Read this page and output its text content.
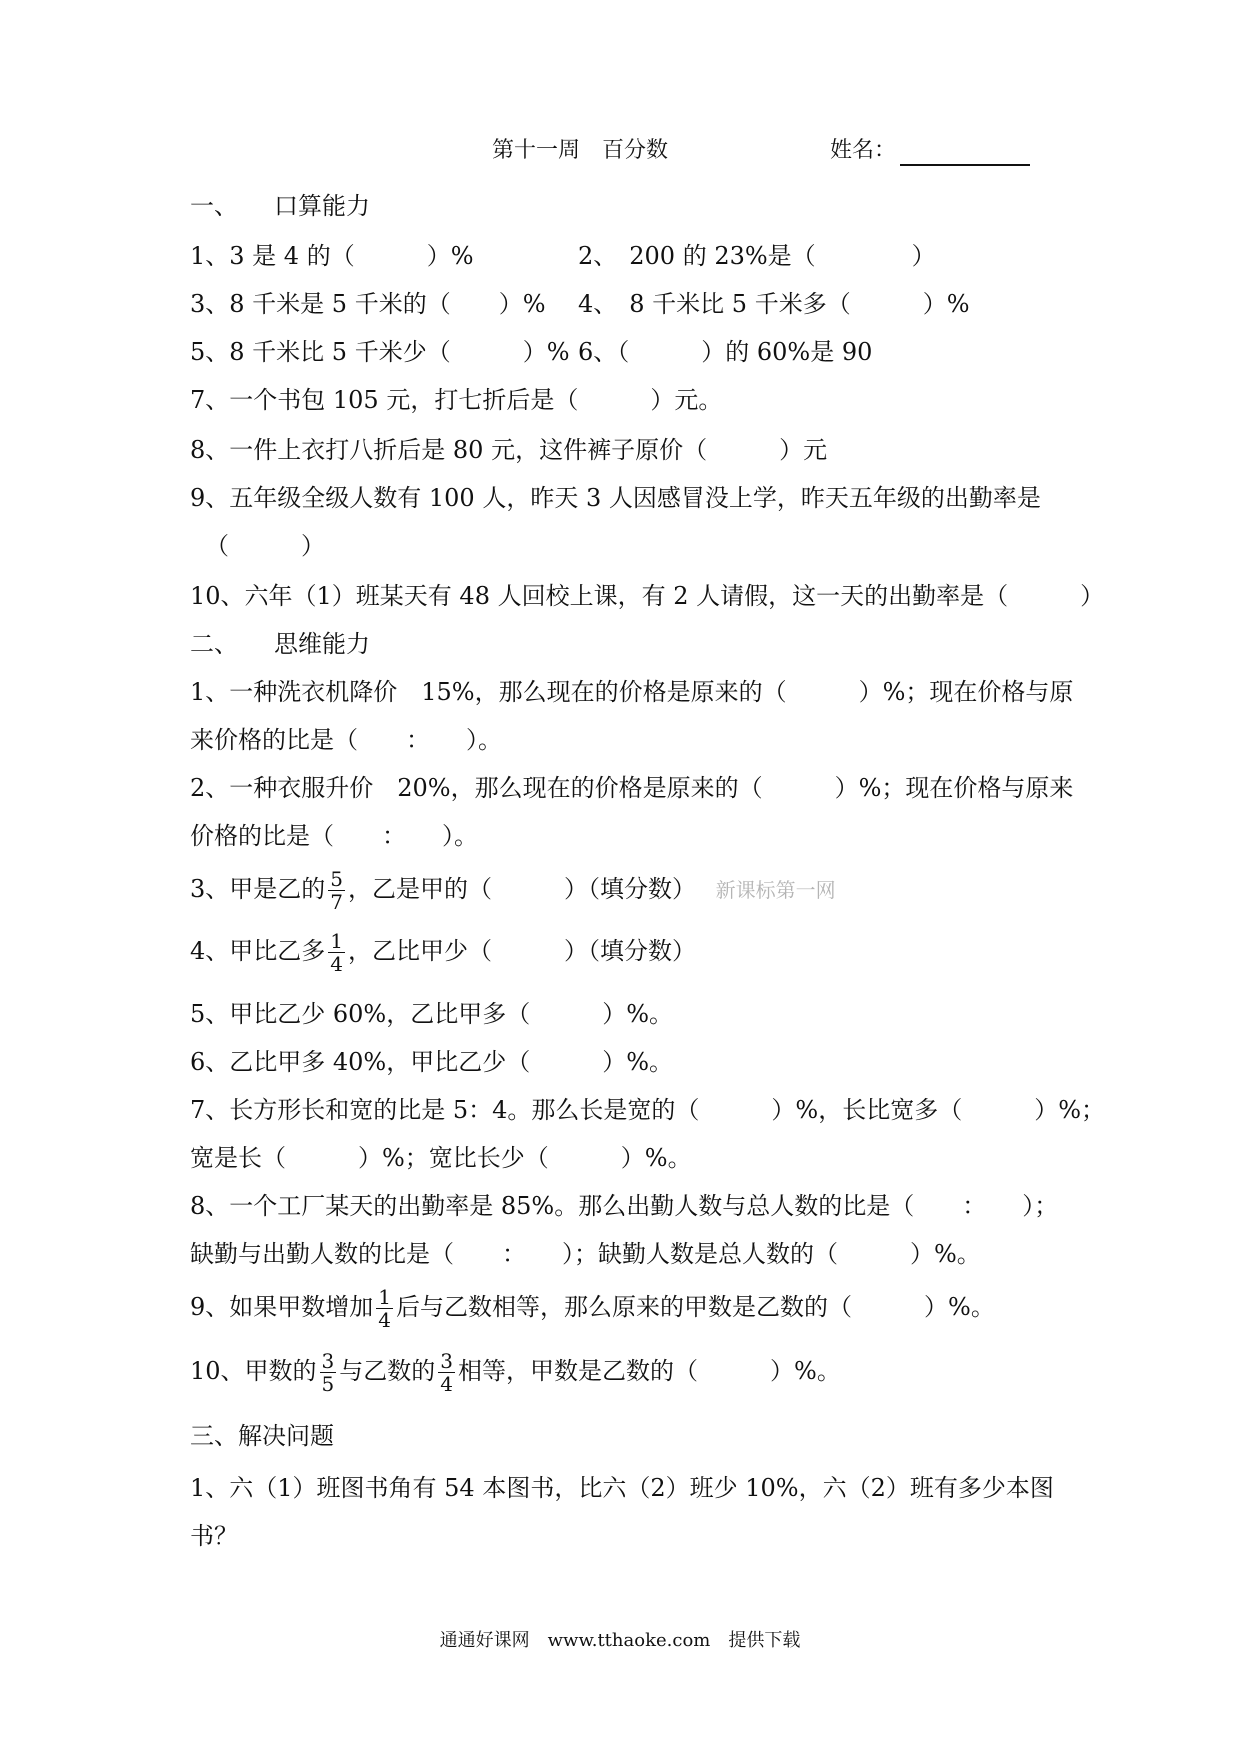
第十一周　百分数	姓名：
一、　　口算能力
1、3 是 4 的（　　　）%	2、　200 的 23%是（　　　　）
3、8 千米是 5 千米的（　　）% 4、　8 千米比 5 千米多（　　　）%
5、8 千米比 5 千米少（　　　）% 6、（　　　）的 60%是 90
7、一个书包 105 元，打七折后是（　　　）元。
8、一件上衣打八折后是 80 元，这件裤子原价（　　　）元
9、五年级全级人数有 100 人，昨天 3 人因感冒没上学，昨天五年级的出勤率是
（　　　）
10、六年（1）班某天有 48 人回校上课，有 2 人请假，这一天的出勤率是（　　　）
二、　　思维能力
1、一种洗衣机降价　15%，那么现在的价格是原来的（　　　）%；现在价格与原
来价格的比是（　　：　　）。
2、一种衣服升价　20%，那么现在的价格是原来的（　　　）%；现在价格与原来
价格的比是（　　：　　）。
3、甲是乙的 $\frac{5}{7}$ ，乙是甲的（　　　）（填分数） 新课标第一网
4、甲比乙多 $\frac{1}{4}$ ，乙比甲少（　　　）（填分数）
5、甲比乙少 60%，乙比甲多（　　　）%。
6、乙比甲多 40%，甲比乙少（　　　）%。
7、长方形长和宽的比是 5：4。那么长是宽的（　　　）%，长比宽多（　　　）%；
宽是长（　　　）%；宽比长少（　　　）%。
8、一个工厂某天的出勤率是 85%。那么出勤人数与总人数的比是（　　：　　）；
缺勤与出勤人数的比是（　　：　　）；缺勤人数是总人数的（　　　）%。
9、如果甲数增加 $\frac{1}{4}$ 后与乙数相等，那么原来的甲数是乙数的（　　　）%。
10、甲数的 $\frac{3}{5}$ 与乙数的 $\frac{3}{4}$ 相等，甲数是乙数的（　　　）%。
三、解决问题
1、六（1）班图书角有 54 本图书，比六（2）班少 10%，六（2）班有多少本图
书？
通通好课网　www.tthaoke.com　提供下载
